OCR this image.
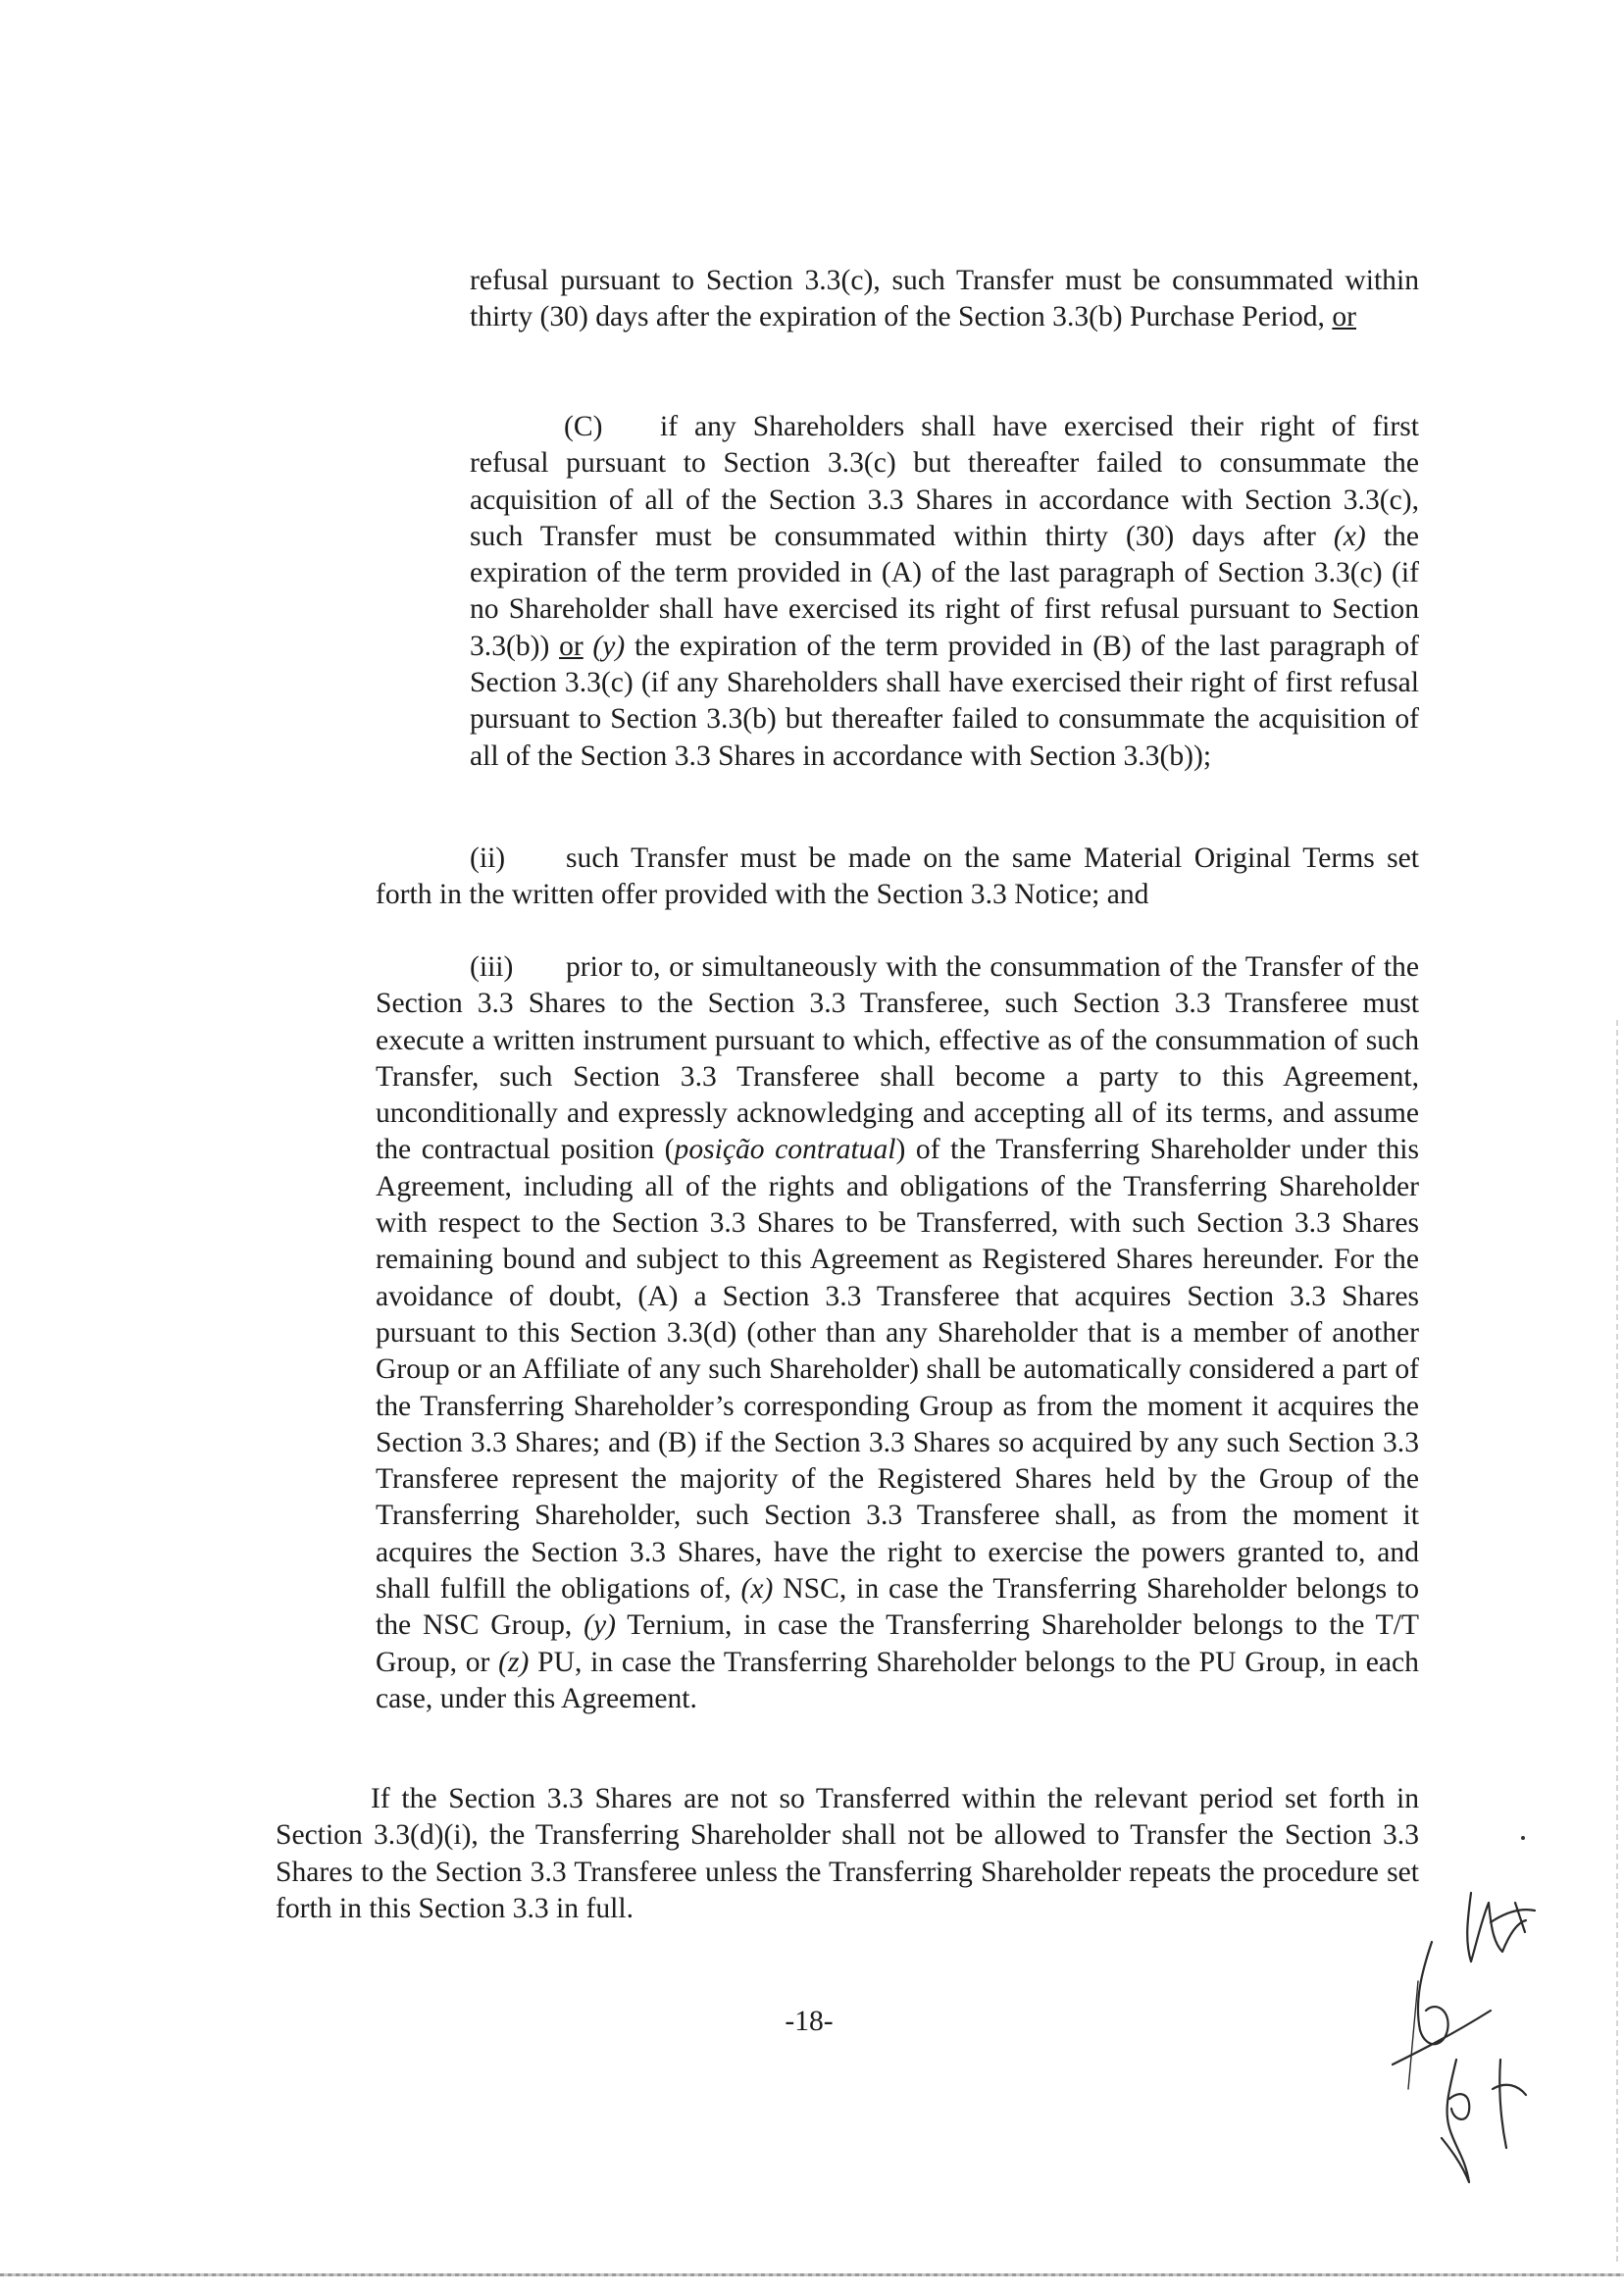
refusal pursuant to Section 3.3(c), such Transfer must be consummated within thirty (30) days after the expiration of the Section 3.3(b) Purchase Period, or
(C) if any Shareholders shall have exercised their right of first refusal pursuant to Section 3.3(c) but thereafter failed to consummate the acquisition of all of the Section 3.3 Shares in accordance with Section 3.3(c), such Transfer must be consummated within thirty (30) days after (x) the expiration of the term provided in (A) of the last paragraph of Section 3.3(c) (if no Shareholder shall have exercised its right of first refusal pursuant to Section 3.3(b)) or (y) the expiration of the term provided in (B) of the last paragraph of Section 3.3(c) (if any Shareholders shall have exercised their right of first refusal pursuant to Section 3.3(b) but thereafter failed to consummate the acquisition of all of the Section 3.3 Shares in accordance with Section 3.3(b));
(ii) such Transfer must be made on the same Material Original Terms set forth in the written offer provided with the Section 3.3 Notice; and
(iii) prior to, or simultaneously with the consummation of the Transfer of the Section 3.3 Shares to the Section 3.3 Transferee, such Section 3.3 Transferee must execute a written instrument pursuant to which, effective as of the consummation of such Transfer, such Section 3.3 Transferee shall become a party to this Agreement, unconditionally and expressly acknowledging and accepting all of its terms, and assume the contractual position (posição contratual) of the Transferring Shareholder under this Agreement, including all of the rights and obligations of the Transferring Shareholder with respect to the Section 3.3 Shares to be Transferred, with such Section 3.3 Shares remaining bound and subject to this Agreement as Registered Shares hereunder. For the avoidance of doubt, (A) a Section 3.3 Transferee that acquires Section 3.3 Shares pursuant to this Section 3.3(d) (other than any Shareholder that is a member of another Group or an Affiliate of any such Shareholder) shall be automatically considered a part of the Transferring Shareholder’s corresponding Group as from the moment it acquires the Section 3.3 Shares; and (B) if the Section 3.3 Shares so acquired by any such Section 3.3 Transferee represent the majority of the Registered Shares held by the Group of the Transferring Shareholder, such Section 3.3 Transferee shall, as from the moment it acquires the Section 3.3 Shares, have the right to exercise the powers granted to, and shall fulfill the obligations of, (x) NSC, in case the Transferring Shareholder belongs to the NSC Group, (y) Ternium, in case the Transferring Shareholder belongs to the T/T Group, or (z) PU, in case the Transferring Shareholder belongs to the PU Group, in each case, under this Agreement.
If the Section 3.3 Shares are not so Transferred within the relevant period set forth in Section 3.3(d)(i), the Transferring Shareholder shall not be allowed to Transfer the Section 3.3 Shares to the Section 3.3 Transferee unless the Transferring Shareholder repeats the procedure set forth in this Section 3.3 in full.
-18-
